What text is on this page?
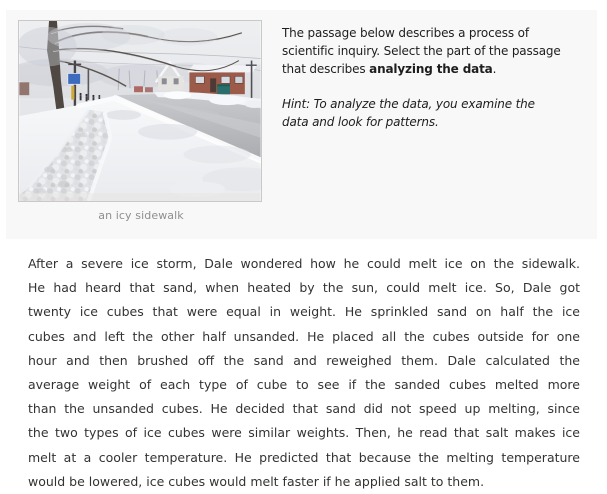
an icy sidewalk
The passage below describes a process of
scientific inquiry. Select the part of the passage
that describes analyzing the data.
Hint: To analyze the data, you examine the
data and look for patterns.
After a severe ice storm, Dale wondered how he could melt ice on the sidewalk.
He had heard that sand, when heated by the sun, could melt ice. So, Dale got
twenty ice cubes that were equal in weight. He sprinkled sand on half the ice
cubes and left the other half unsanded. He placed all the cubes outside for one
hour and then brushed off the sand and reweighed them. Dale calculated the
average weight of each type of cube to see if the sanded cubes melted more
than the unsanded cubes. He decided that sand did not speed up melting, since
the two types of ice cubes were similar weights. Then, he read that salt makes ice
melt at a cooler temperature. He predicted that because the melting temperature
would be lowered, ice cubes would melt faster if he applied salt to them.
